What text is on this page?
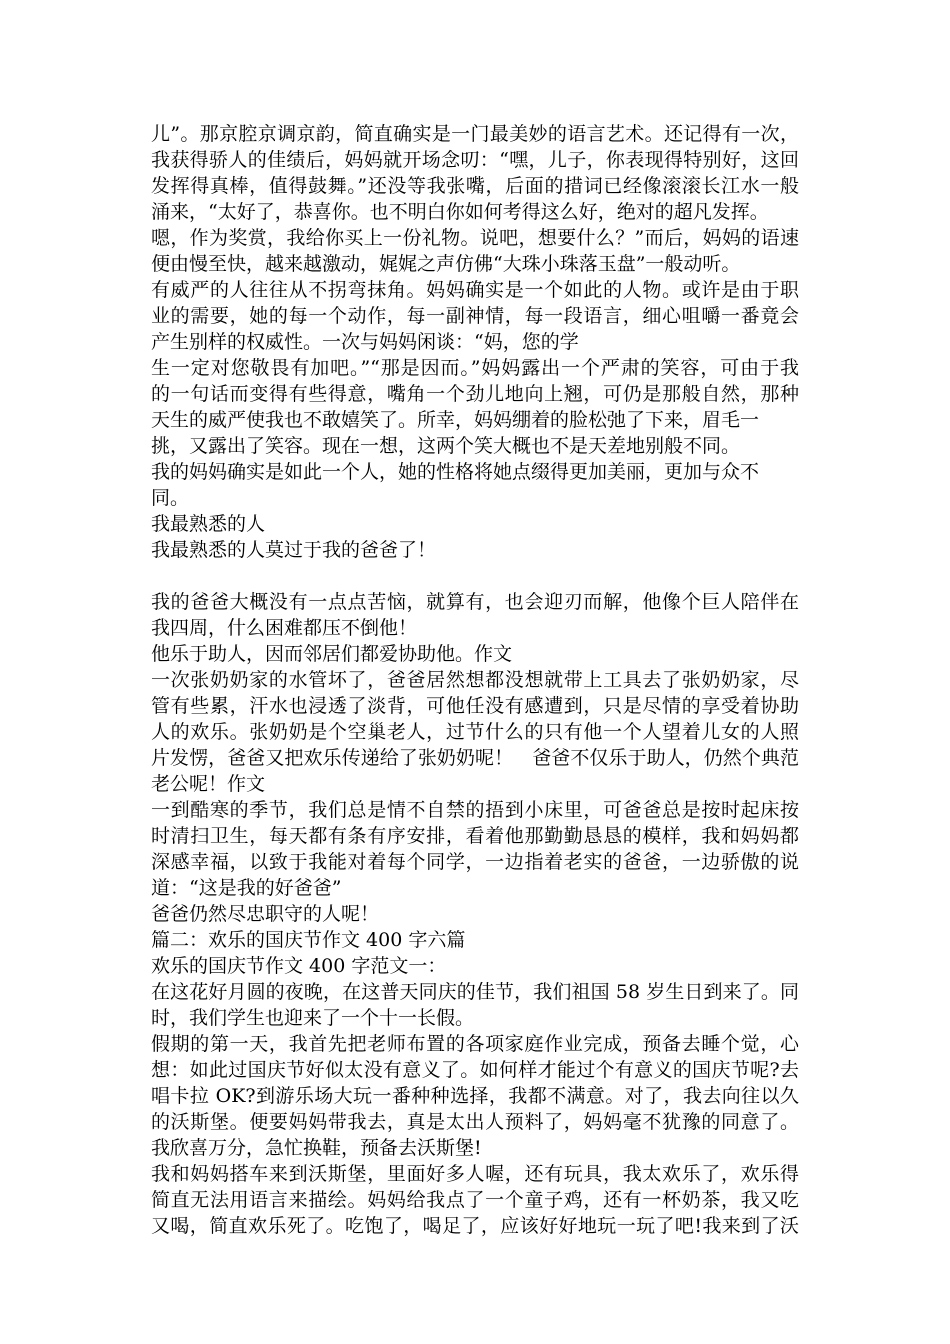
儿”。那京腔京调京韵，简直确实是一门最美妙的语言艺术。还记得有一次，
我获得骄人的佳绩后，妈妈就开场念叨：“嘿，儿子，你表现得特别好，这回
发挥得真棒，值得鼓舞。”还没等我张嘴，后面的措词已经像滚滚长江水一般
涌来，“太好了，恭喜你。也不明白你如何考得这么好，绝对的超凡发挥。
嗯，作为奖赏，我给你买上一份礼物。说吧，想要什么？”而后，妈妈的语速
便由慢至快，越来越激动，娓娓之声仿佛“大珠小珠落玉盘”一般动听。
有威严的人往往从不拐弯抹角。妈妈确实是一个如此的人物。或许是由于职
业的需要，她的每一个动作，每一副神情，每一段语言，细心咀嚼一番竟会
产生别样的权威性。一次与妈妈闲谈：“妈，您的学
生一定对您敬畏有加吧。”“那是因而。”妈妈露出一个严肃的笑容，可由于我
的一句话而变得有些得意，嘴角一个劲儿地向上翘，可仍是那般自然，那种
天生的威严使我也不敢嬉笑了。所幸，妈妈绷着的脸松弛了下来，眉毛一
挑，又露出了笑容。现在一想，这两个笑大概也不是天差地别般不同。
我的妈妈确实是如此一个人，她的性格将她点缀得更加美丽，更加与众不
同。
我最熟悉的人
我最熟悉的人莫过于我的爸爸了！
我的爸爸大概没有一点点苦恼，就算有，也会迎刃而解，他像个巨人陪伴在
我四周，什么困难都压不倒他！
他乐于助人，因而邻居们都爱协助他。作文
一次张奶奶家的水管坏了，爸爸居然想都没想就带上工具去了张奶奶家，尽
管有些累，汗水也浸透了淡背，可他任没有感遭到，只是尽情的享受着协助
人的欢乐。张奶奶是个空巢老人，过节什么的只有他一个人望着儿女的人照
片发愣，爸爸又把欢乐传递给了张奶奶呢！　爸爸不仅乐于助人，仍然个典范
老公呢！作文
一到酷寒的季节，我们总是情不自禁的捂到小床里，可爸爸总是按时起床按
时清扫卫生，每天都有条有序安排，看着他那勤勤恳恳的模样，我和妈妈都
深感幸福，以致于我能对着每个同学，一边指着老实的爸爸，一边骄傲的说
道：“这是我的好爸爸”
爸爸仍然尽忠职守的人呢！
篇二：欢乐的国庆节作文 400 字六篇
欢乐的国庆节作文 400 字范文一：
在这花好月圆的夜晚，在这普天同庆的佳节，我们祖国 58 岁生日到来了。同
时，我们学生也迎来了一个十一长假。
假期的第一天，我首先把老师布置的各项家庭作业完成，预备去睡个觉，心
想：如此过国庆节好似太没有意义了。如何样才能过个有意义的国庆节呢?去
唱卡拉 OK?到游乐场大玩一番种种选择，我都不满意。对了，我去向往以久
的沃斯堡。便要妈妈带我去，真是太出人预料了，妈妈毫不犹豫的同意了。
我欣喜万分，急忙换鞋，预备去沃斯堡!
我和妈妈搭车来到沃斯堡，里面好多人喔，还有玩具，我太欢乐了，欢乐得
简直无法用语言来描绘。妈妈给我点了一个童子鸡，还有一杯奶茶，我又吃
又喝，简直欢乐死了。吃饱了，喝足了，应该好好地玩一玩了吧!我来到了沃
